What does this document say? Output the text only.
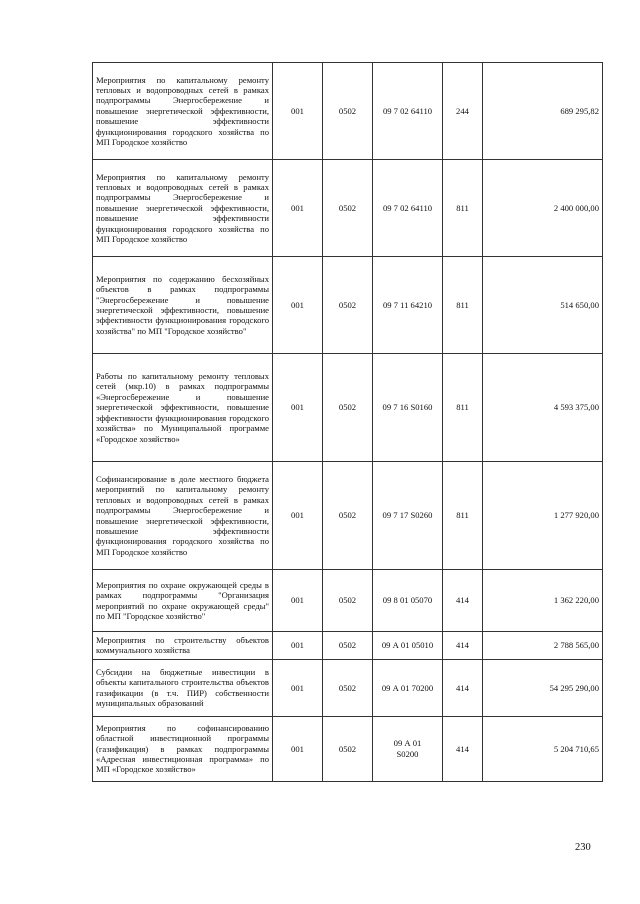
Мероприятия по капитальному ремонту тепловых и водопроводных сетей в рамках подпрограммы Энергосбережение и повышение энергетической эффективности, повышение эффективности функционирования городского хозяйства по МП Городское хозяйство	001	0502	09 7 02 64110	244	689 295,82
Мероприятия по капитальному ремонту тепловых и водопроводных сетей в рамках подпрограммы Энергосбережение и повышение энергетической эффективности, повышение эффективности функционирования городского хозяйства по МП Городское хозяйство	001	0502	09 7 02 64110	811	2 400 000,00
Мероприятия по содержанию бесхозяйных объектов в рамках подпрограммы "Энергосбережение и повышение энергетической эффективности, повышение эффективности функционирования городского хозяйства" по МП "Городское хозяйство"	001	0502	09 7 11 64210	811	514 650,00
Работы по капитальному ремонту тепловых сетей (мкр.10) в рамках подпрограммы «Энергосбережение и повышение энергетической эффективности, повышение эффективности функционирования городского хозяйства» по Муниципальной программе «Городское хозяйство»	001	0502	09 7 16 S0160	811	4 593 375,00
Софинансирование в доле местного бюджета мероприятий по капитальному ремонту тепловых и водопроводных сетей в рамках подпрограммы Энергосбережение и повышение энергетической эффективности, повышение эффективности функционирования городского хозяйства по МП Городское хозяйство	001	0502	09 7 17 S0260	811	1 277 920,00
Мероприятия по охране окружающей среды в рамках подпрограммы "Организация мероприятий по охране окружающей среды" по МП "Городское хозяйство"	001	0502	09 8 01 05070	414	1 362 220,00
Мероприятия по строительству объектов коммунального хозяйства	001	0502	09 А 01 05010	414	2 788 565,00
Субсидии на бюджетные инвестиции в объекты капитального строительства объектов газификации (в т.ч. ПИР) собственности муниципальных образований	001	0502	09 А 01 70200	414	54 295 290,00
Мероприятия по софинансированию областной инвестиционной программы (газификация) в рамках подпрограммы «Адресная инвестиционная программа» по МП «Городское хозяйство»	001	0502	09 А 01 S0200	414	5 204 710,65
230
